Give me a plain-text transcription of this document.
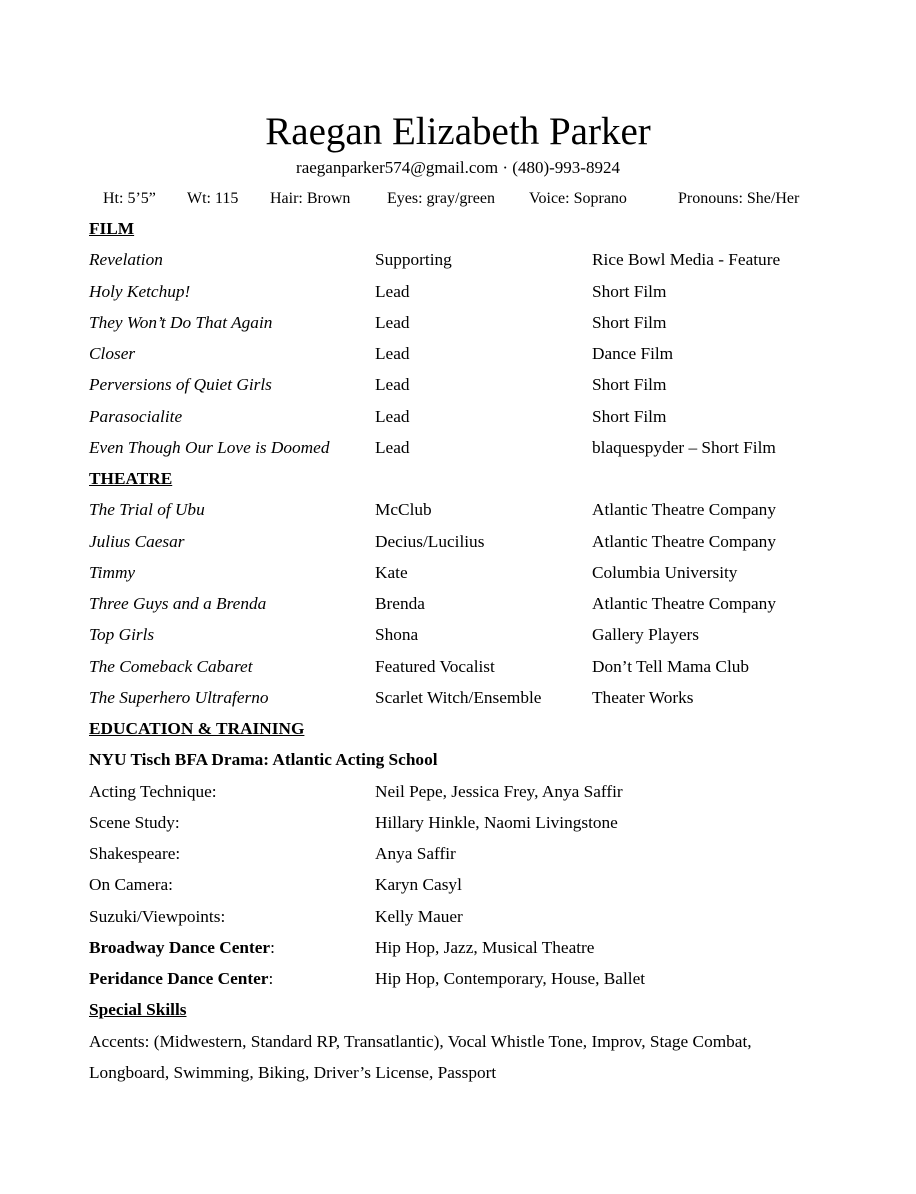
Raegan Elizabeth Parker
raeganparker574@gmail.com · (480)-993-8924
Ht: 5’5” Wt: 115 Hair: Brown Eyes: gray/green Voice: Soprano	Pronouns: She/Her
FILM
Revelation	Supporting	Rice Bowl Media - Feature
Holy Ketchup!	Lead	Short Film
They Won’t Do That Again	Lead	Short Film
Closer	Lead	Dance Film
Perversions of Quiet Girls	Lead	Short Film
Parasocialite	Lead	Short Film
Even Though Our Love is Doomed	Lead	blaquespyder – Short Film
THEATRE
The Trial of Ubu	McClub	Atlantic Theatre Company
Julius Caesar	Decius/Lucilius	Atlantic Theatre Company
Timmy	Kate	Columbia University
Three Guys and a Brenda	Brenda	Atlantic Theatre Company
Top Girls	Shona	Gallery Players
The Comeback Cabaret	Featured Vocalist	Don’t Tell Mama Club
The Superhero Ultraferno	Scarlet Witch/Ensemble	Theater Works
EDUCATION & TRAINING
NYU Tisch BFA Drama: Atlantic Acting School
Acting Technique:	Neil Pepe, Jessica Frey, Anya Saffir
Scene Study:	Hillary Hinkle, Naomi Livingstone
Shakespeare:	Anya Saffir
On Camera:	Karyn Casyl
Suzuki/Viewpoints:	Kelly Mauer
Broadway Dance Center:	Hip Hop, Jazz, Musical Theatre
Peridance Dance Center:	Hip Hop, Contemporary, House, Ballet
Special Skills
Accents: (Midwestern, Standard RP, Transatlantic), Vocal Whistle Tone, Improv, Stage Combat, Longboard, Swimming, Biking, Driver’s License, Passport
